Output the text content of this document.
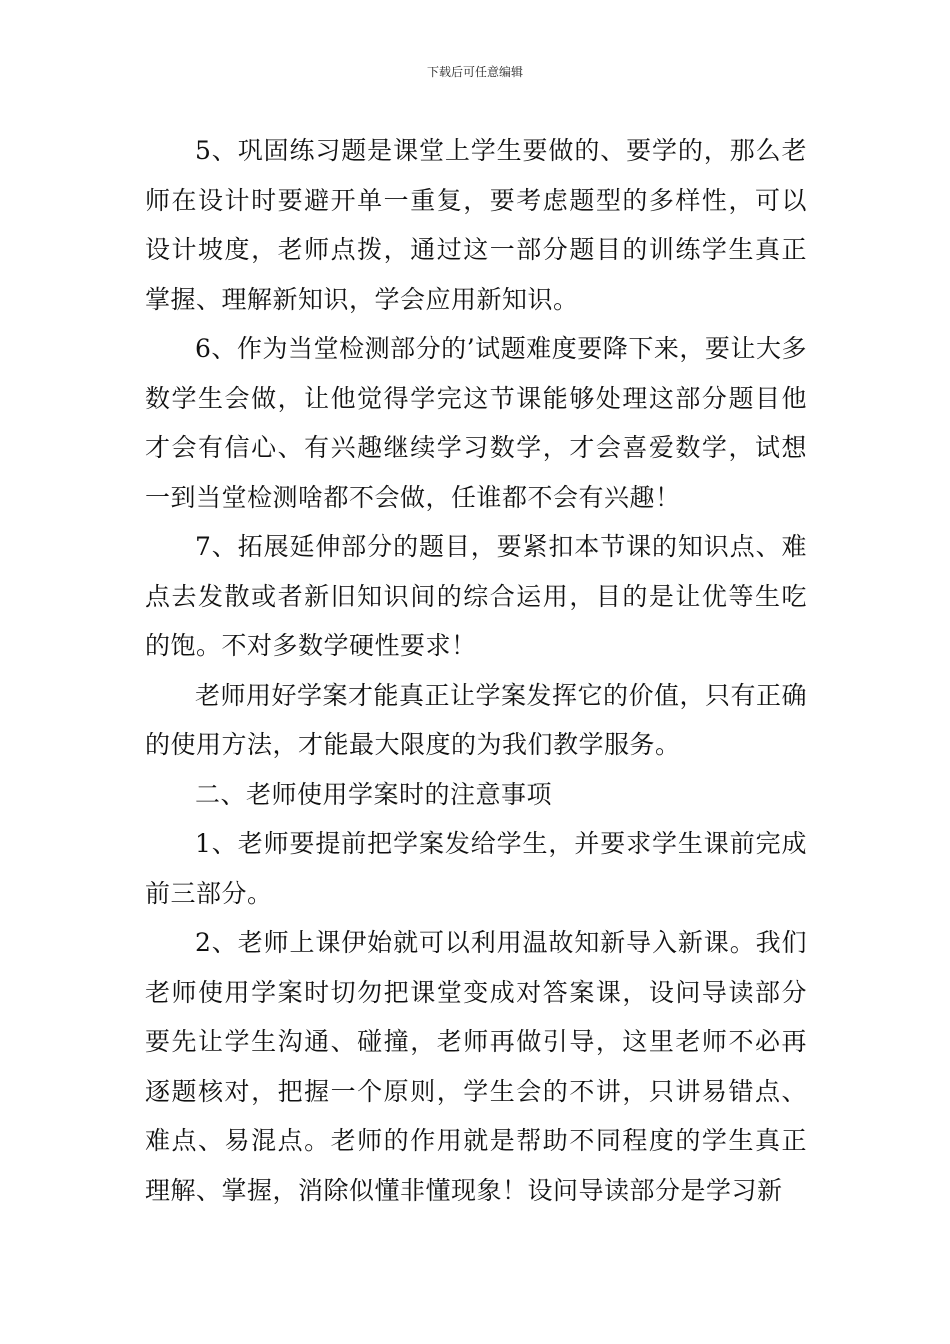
下载后可任意编辑

5、巩固练习题是课堂上学生要做的、要学的，那么老师在设计时要避开单一重复，要考虑题型的多样性，可以设计坡度，老师点拨，通过这一部分题目的训练学生真正掌握、理解新知识，学会应用新知识。

6、作为当堂检测部分的’试题难度要降下来，要让大多数学生会做，让他觉得学完这节课能够处理这部分题目他才会有信心、有兴趣继续学习数学，才会喜爱数学，试想一到当堂检测啥都不会做，任谁都不会有兴趣！

7、拓展延伸部分的题目，要紧扣本节课的知识点、难点去发散或者新旧知识间的综合运用，目的是让优等生吃的饱。不对多数学硬性要求！

老师用好学案才能真正让学案发挥它的价值，只有正确的使用方法，才能最大限度的为我们教学服务。

二、老师使用学案时的注意事项

1、老师要提前把学案发给学生，并要求学生课前完成前三部分。

2、老师上课伊始就可以利用温故知新导入新课。我们老师使用学案时切勿把课堂变成对答案课，设问导读部分要先让学生沟通、碰撞，老师再做引导，这里老师不必再逐题核对，把握一个原则，学生会的不讲，只讲易错点、难点、易混点。老师的作用就是帮助不同程度的学生真正理解、掌握，消除似懂非懂现象！设问导读部分是学习新
